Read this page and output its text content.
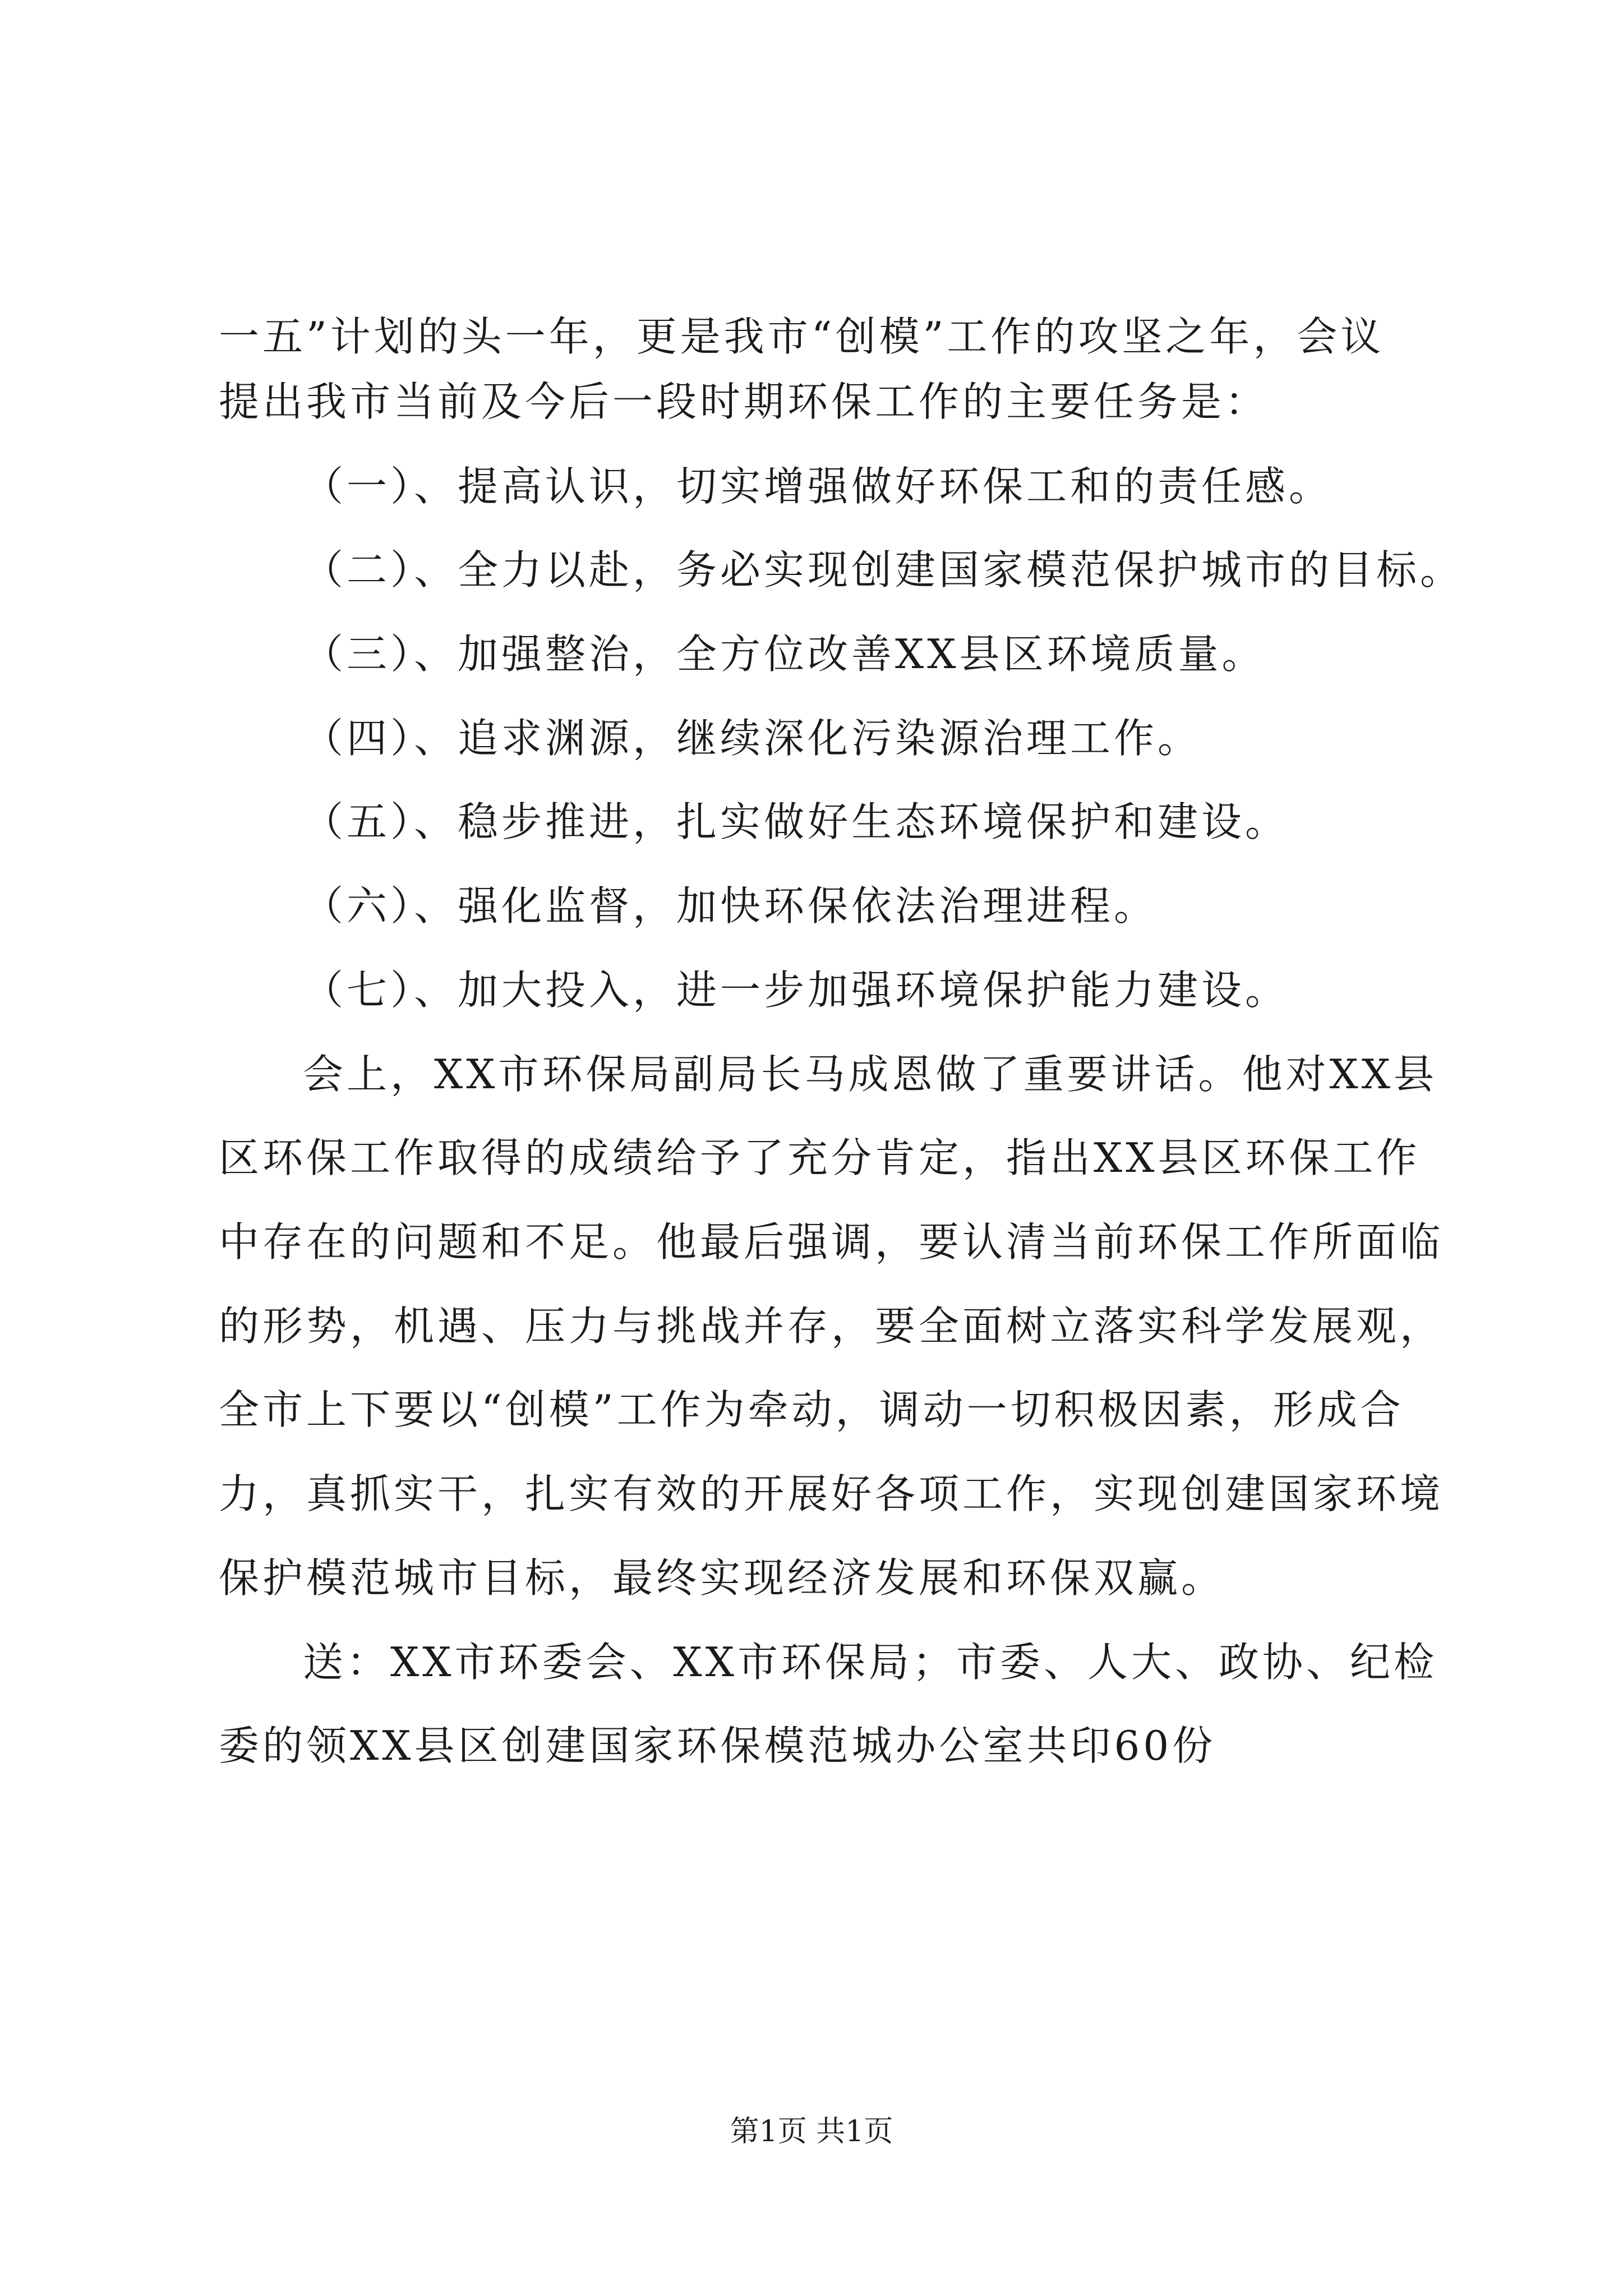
一五”计划的头一年，更是我市“创模”工作的攻坚之年，会议
提出我市当前及今后一段时期环保工作的主要任务是：
（一）、提高认识，切实增强做好环保工和的责任感。
（二）、全力以赴，务必实现创建国家模范保护城市的目标。
（三）、加强整治，全方位改善XX县区环境质量。
（四）、追求渊源，继续深化污染源治理工作。
（五）、稳步推进，扎实做好生态环境保护和建设。
（六）、强化监督，加快环保依法治理进程。
（七）、加大投入，进一步加强环境保护能力建设。
会上，XX市环保局副局长马成恩做了重要讲话。他对XX县
区环保工作取得的成绩给予了充分肯定，指出XX县区环保工作
中存在的问题和不足。他最后强调，要认清当前环保工作所面临
的形势，机遇、压力与挑战并存，要全面树立落实科学发展观，
全市上下要以“创模”工作为牵动，调动一切积极因素，形成合
力，真抓实干，扎实有效的开展好各项工作，实现创建国家环境
保护模范城市目标，最终实现经济发展和环保双赢。
送：XX市环委会、XX市环保局；市委、人大、政协、纪检
委的领XX县区创建国家环保模范城办公室共印60份
第1页 共1页
